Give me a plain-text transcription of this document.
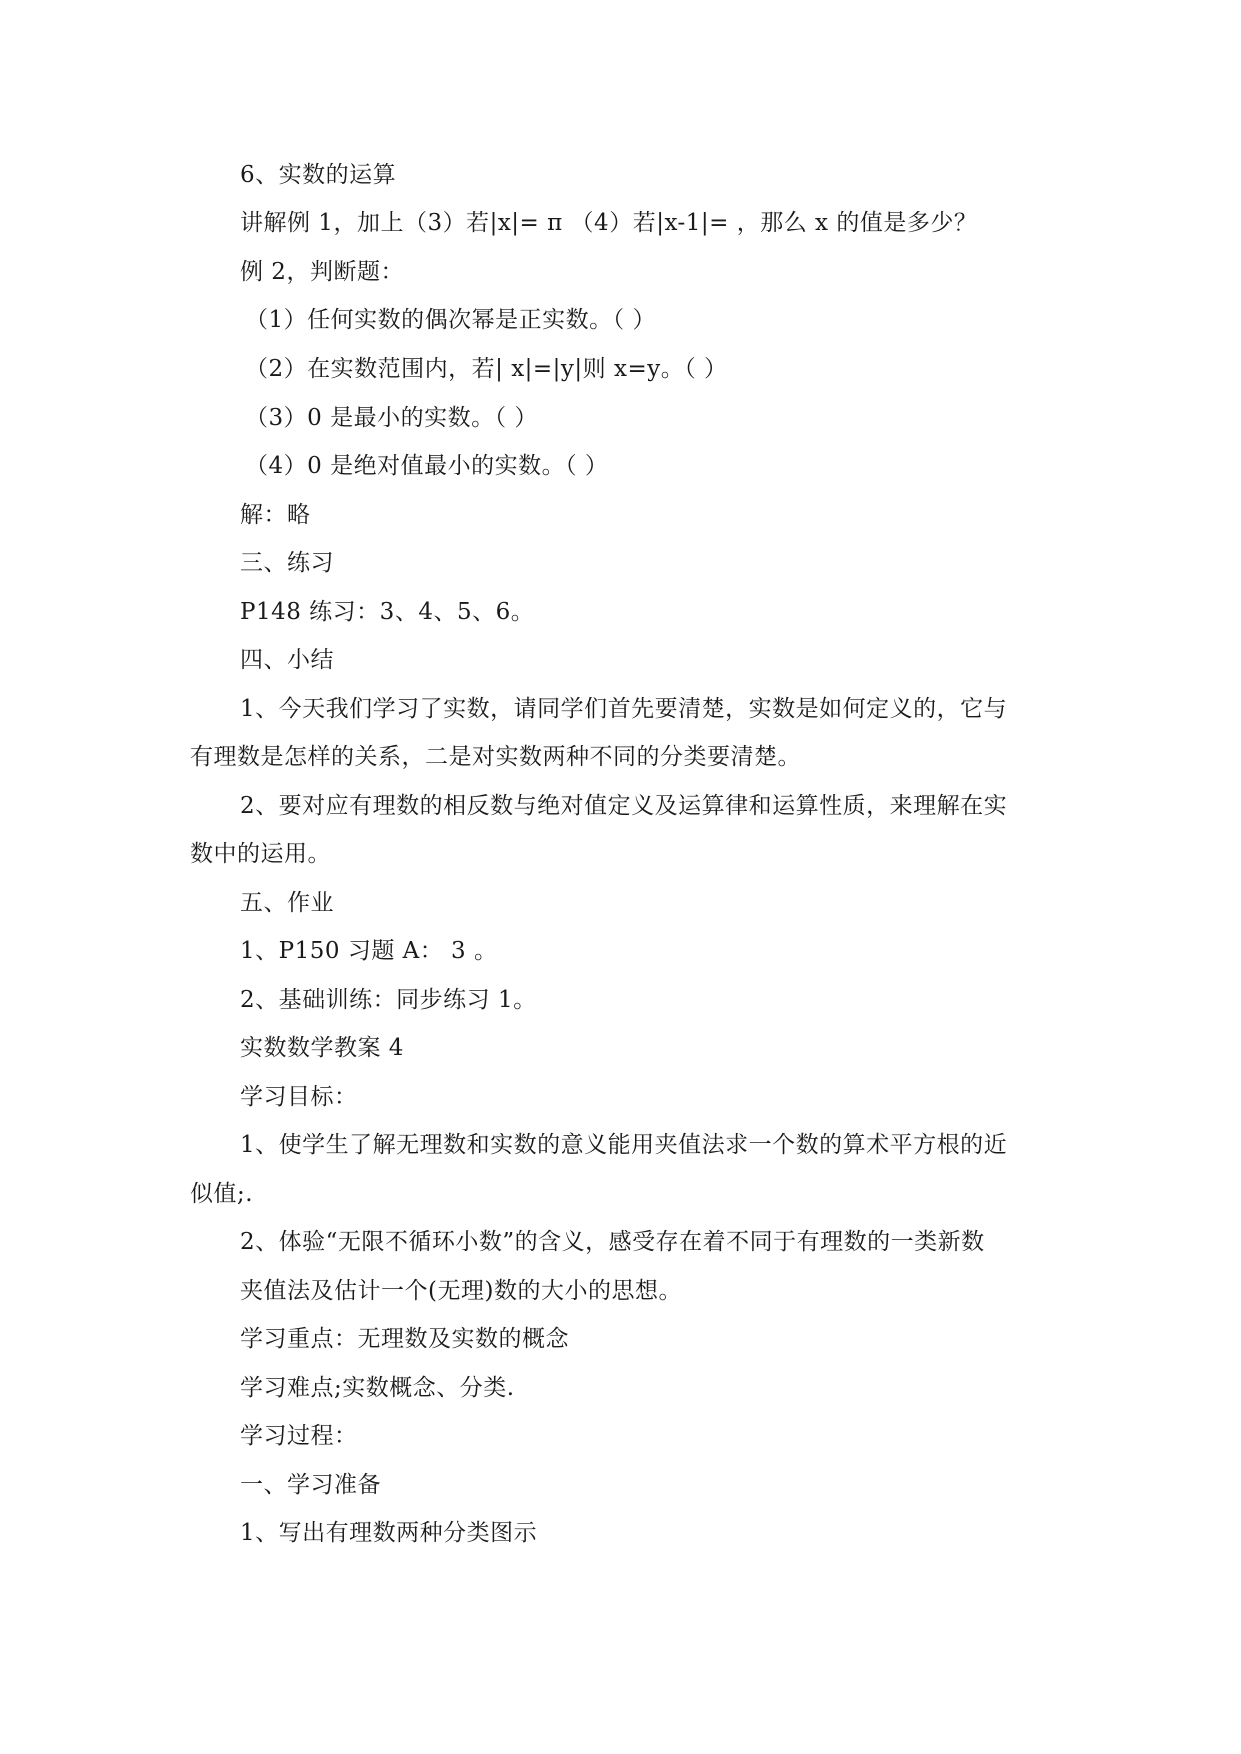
6、实数的运算
讲解例 1，加上（3）若|x|= π （4）若|x-1|= ，那么 x 的值是多少？
例 2，判断题：
（1）任何实数的偶次幂是正实数。（ ）
（2）在实数范围内，若| x|=|y|则 x=y。（ ）
（3）0 是最小的实数。（ ）
（4）0 是绝对值最小的实数。（ ）
解：略
三、练习
P148 练习：3、4、5、6。
四、小结
1、今天我们学习了实数，请同学们首先要清楚，实数是如何定义的，它与
有理数是怎样的关系，二是对实数两种不同的分类要清楚。
2、要对应有理数的相反数与绝对值定义及运算律和运算性质，来理解在实
数中的运用。
五、作业
1、P150 习题 A： 3 。
2、基础训练：同步练习 1。
实数数学教案 4
学习目标：
1、使学生了解无理数和实数的意义能用夹值法求一个数的算术平方根的近
似值;.
2、体验“无限不循环小数”的含义，感受存在着不同于有理数的一类新数
夹值法及估计一个(无理)数的大小的思想。
学习重点：无理数及实数的概念
学习难点;实数概念、分类.
学习过程：
一、学习准备
1、写出有理数两种分类图示
